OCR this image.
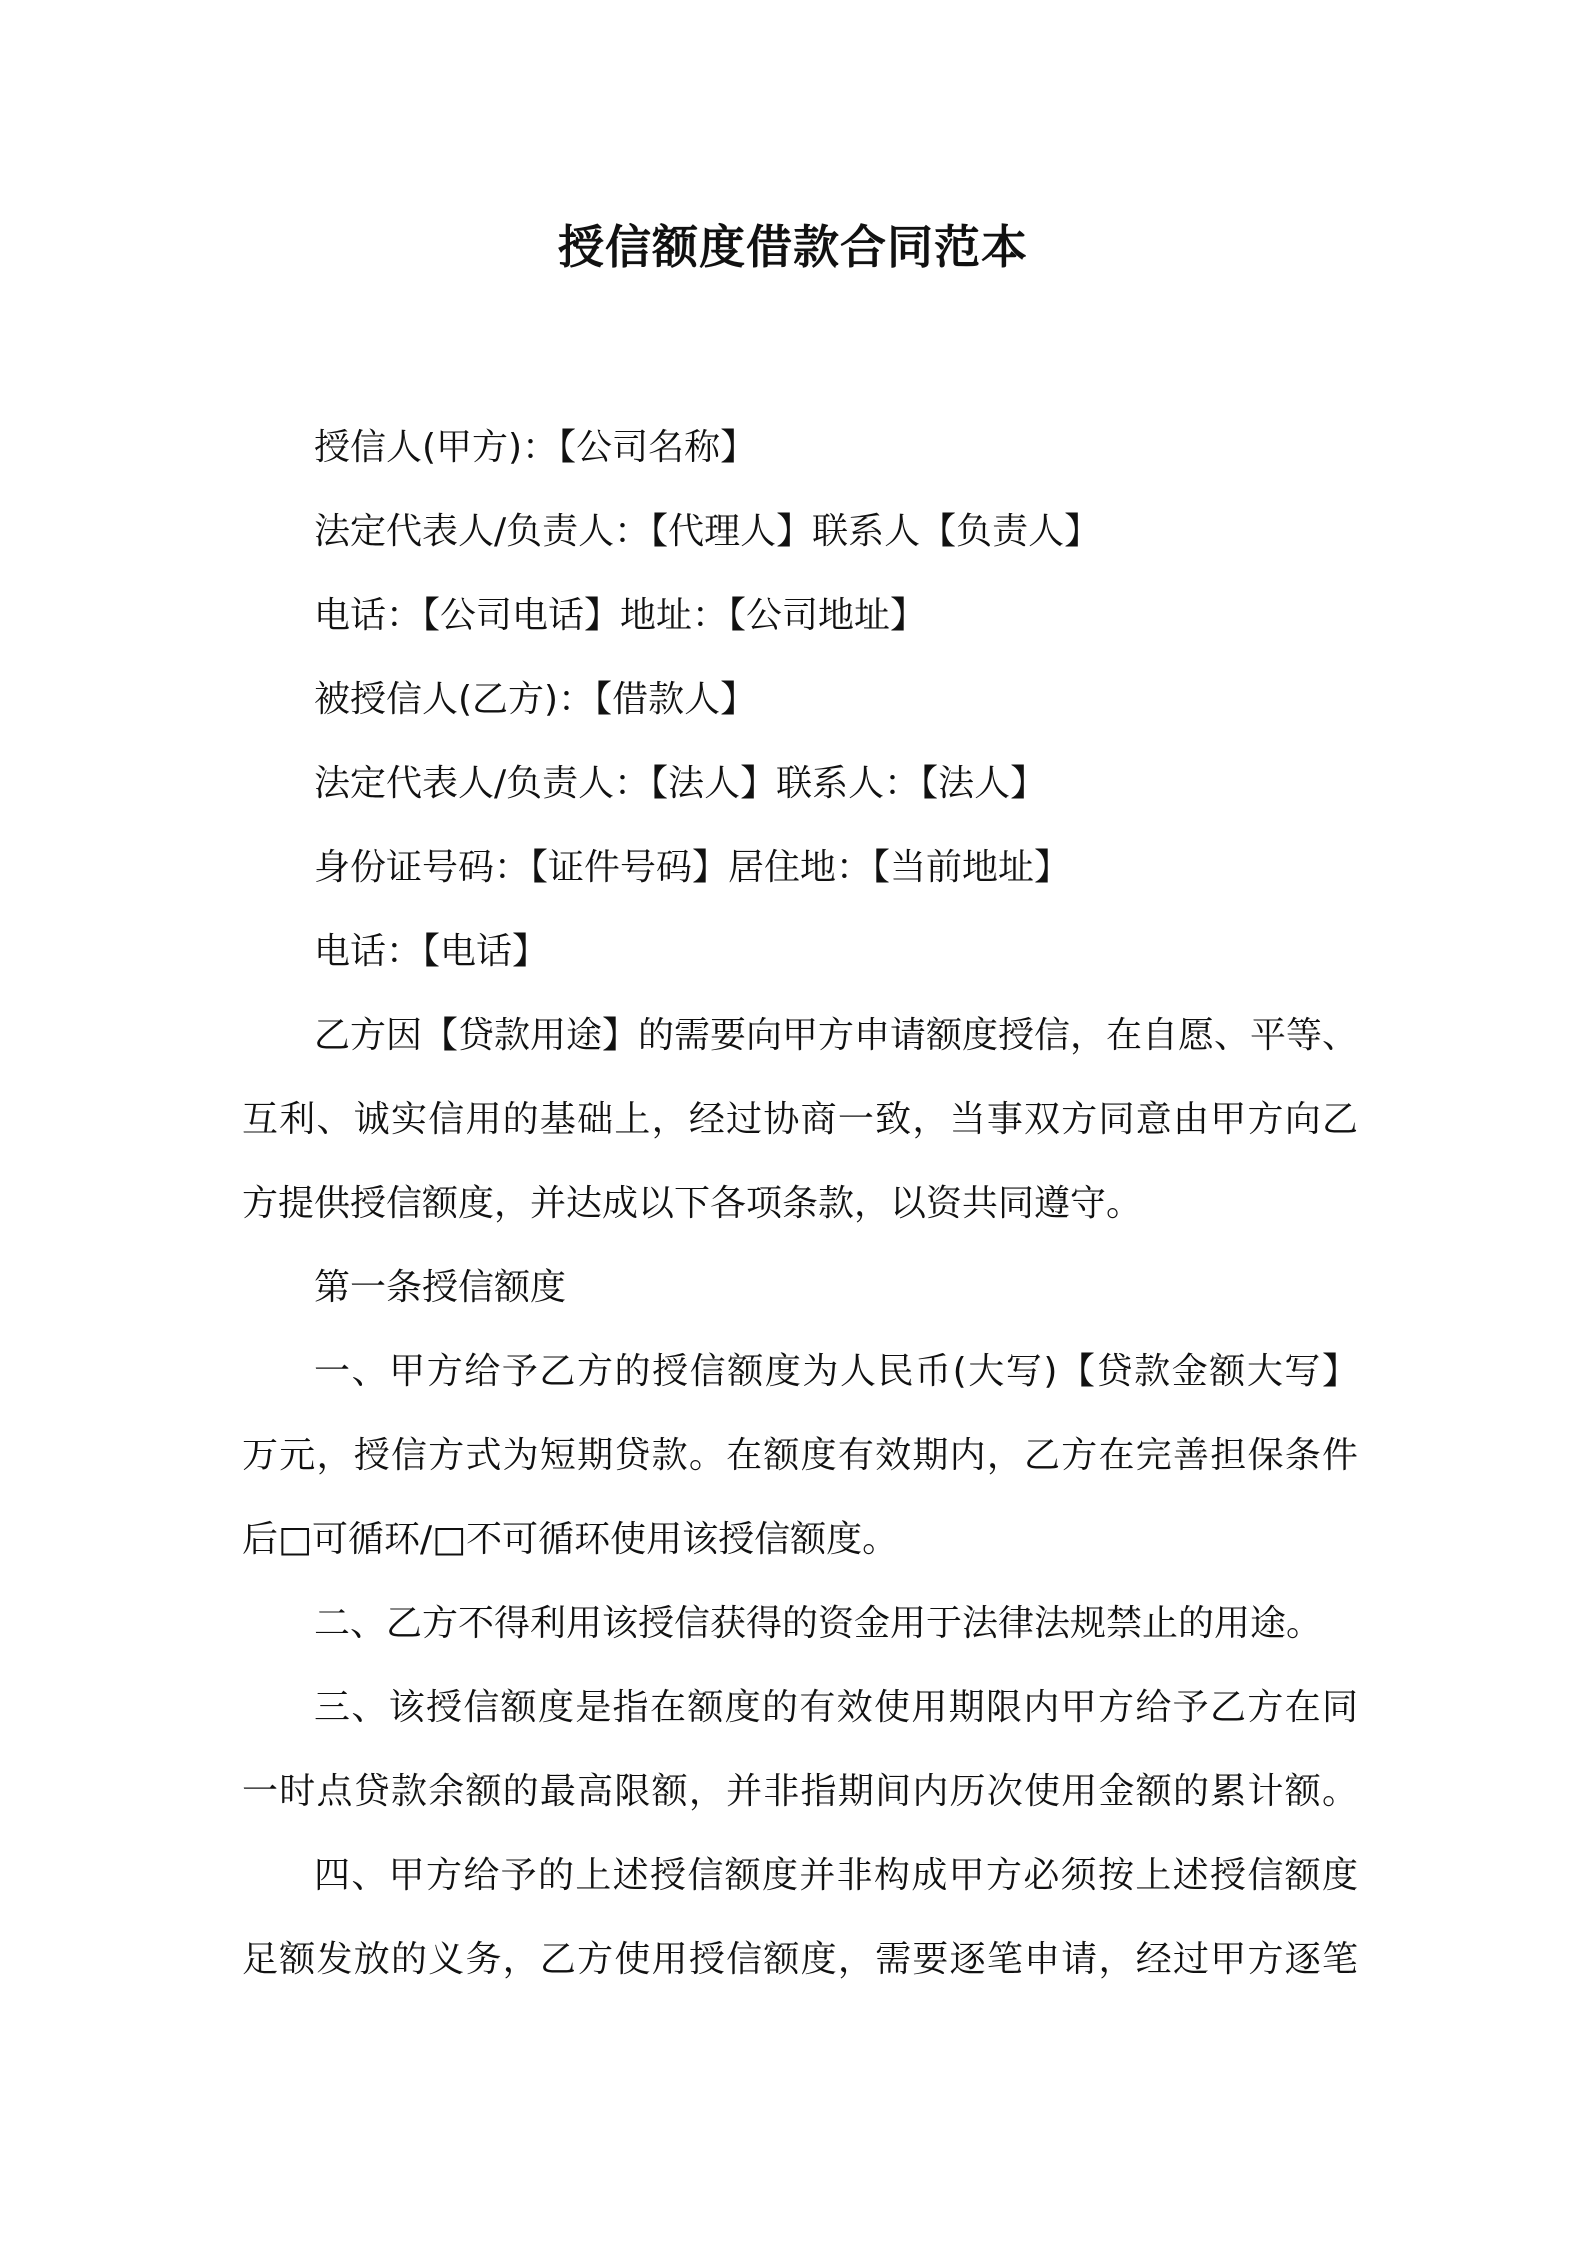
授信额度借款合同范本

授信人(甲方)：【公司名称】

法定代表人/负责人：【代理人】联系人【负责人】

电话：【公司电话】地址：【公司地址】

被授信人(乙方)：【借款人】

法定代表人/负责人：【法人】联系人：【法人】

身份证号码：【证件号码】居住地：【当前地址】

电话：【电话】

乙方因【贷款用途】的需要向甲方申请额度授信，在自愿、平等、

互利、诚实信用的基础上，经过协商一致，当事双方同意由甲方向乙

方提供授信额度，并达成以下各项条款，以资共同遵守。

第一条授信额度

一、甲方给予乙方的授信额度为人民币(大写)【贷款金额大写】

万元，授信方式为短期贷款。在额度有效期内，乙方在完善担保条件

后□可循环/□不可循环使用该授信额度。

二、乙方不得利用该授信获得的资金用于法律法规禁止的用途。

三、该授信额度是指在额度的有效使用期限内甲方给予乙方在同

一时点贷款余额的最高限额，并非指期间内历次使用金额的累计额。

四、甲方给予的上述授信额度并非构成甲方必须按上述授信额度

足额发放的义务，乙方使用授信额度，需要逐笔申请，经过甲方逐笔
